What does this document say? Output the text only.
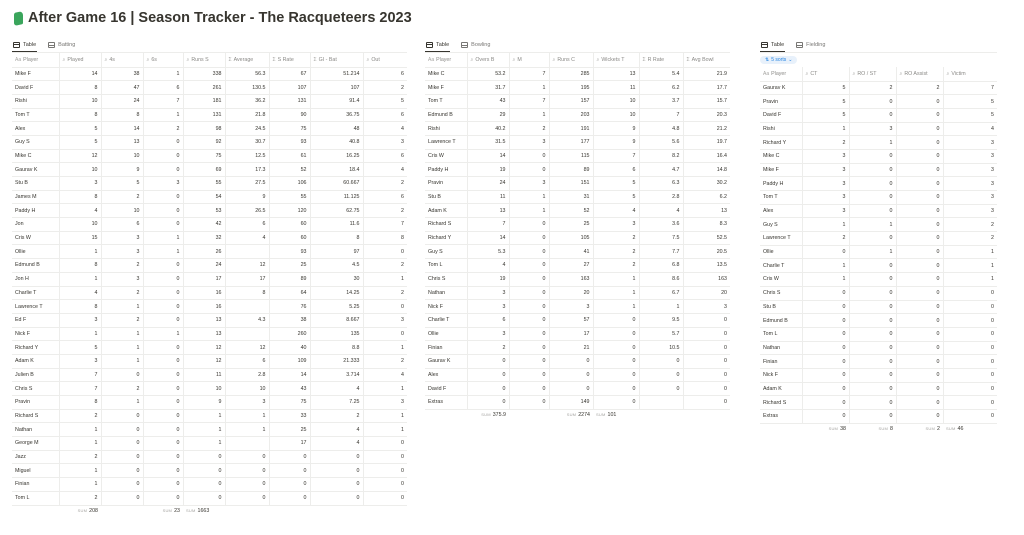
After Game 16 | Season Tracker - The Racqueteers 2023
Table	Batting
Aa Player	⌕ Played	⌕ 4s	⌕ 6s	⌕ Runs S	Σ Average	Σ S Rate	Σ GI - Bat	⌕ Out
Mike F	14	38	1	338	56.3	67	51.214	6
David F	8	47	6	261	130.5	107	107	2
Rishi	10	24	7	181	36.2	131	91.4	5
Tom T	8	8	1	131	21.8	90	36.75	6
Alex	5	14	2	98	24.5	75	48	4
Guy S	5	13	0	92	30.7	93	40.8	3
Mike C	12	10	0	75	12.5	61	16.25	6
Gaurav K	10	9	0	69	17.3	52	18.4	4
Stu B	3	5	3	55	27.5	106	60.667	2
James M	8	2	0	54	9	55	11.125	6
Paddy H	4	10	0	53	26.5	120	62.75	2
Jon	10	6	0	42	6	60	11.6	7
Cris W	15	3	1	32	4	60	8	8
Ollie	1	3	1	26		93	97	0
Edmund B	8	2	0	24	12	25	4.5	2
Jon H	1	3	0	17	17	89	30	1
Charlie T	4	2	0	16	8	64	14.25	2
Lawrence T	8	1	0	16		76	5.25	0
Ed F	3	2	0	13	4.3	38	8.667	3
Nick F	1	1	1	13		260	135	0
Richard Y	5	1	0	12	12	40	8.8	1
Adam K	3	1	0	12	6	109	21.333	2
Julien B	7	0	0	11	2.8	14	3.714	4
Chris S	7	2	0	10	10	43	4	1
Pravin	8	1	0	9	3	75	7.25	3
Richard S	2	0	0	1	1	33	2	1
Nathan	1	0	0	1	1	25	4	1
George M	1	0	0	1		17	4	0
Jazz	2	0	0	0	0	0	0	0
Miguel	1	0	0	0	0	0	0	0
Finian	1	0	0	0	0	0	0	0
Tom L	2	0	0	0	0	0	0	0
	SUM 208		SUM 23	SUM 1663				
Table	Bowling
Aa Player	⌕ Overs B	⌕ M	⌕ Runs C	⌕ Wickets T	Σ R Rate	Σ Avg Bowl
Mike C	53.2	7	285	13	5.4	21.9
Mike F	31.7	1	195	11	6.2	17.7
Tom T	43	7	157	10	3.7	15.7
Edmund B	29	1	203	10	7	20.3
Rishi	40.2	2	191	9	4.8	21.2
Lawrence T	31.5	3	177	9	5.6	19.7
Cris W	14	0	115	7	8.2	16.4
Paddy H	19	0	89	6	4.7	14.8
Pravin	24	3	151	5	6.3	30.2
Stu B	11	1	31	5	2.8	6.2
Adam K	13	1	52	4	4	13
Richard S	7	0	25	3	3.6	8.3
Richard Y	14	0	105	2	7.5	52.5
Guy S	5.3	0	41	2	7.7	20.5
Tom L	4	0	27	2	6.8	13.5
Chris S	19	0	163	1	8.6	163
Nathan	3	0	20	1	6.7	20
Nick F	3	0	3	1	1	3
Charlie T	6	0	57	0	9.5	0
Ollie	3	0	17	0	5.7	0
Finian	2	0	21	0	10.5	0
Gaurav K	0	0	0	0	0	0
Alex	0	0	0	0	0	0
David F	0	0	0	0	0	0
Extras	0	0	149	0		0
	SUM 375.9		SUM 2274	SUM 101		
Table	Fielding
⇅ 5 sorts ⌄
Aa Player	⌕ CT	⌕ RO / ST	⌕ RO Assist	⌕ Victim
Gaurav K	5	2	2	7
Pravin	5	0	0	5
David F	5	0	0	5
Rishi	1	3	0	4
Richard Y	2	1	0	3
Mike C	3	0	0	3
Mike F	3	0	0	3
Paddy H	3	0	0	3
Tom T	3	0	0	3
Alex	3	0	0	3
Guy S	1	1	0	2
Lawrence T	2	0	0	2
Ollie	0	1	0	1
Charlie T	1	0	0	1
Cris W	1	0	0	1
Chris S	0	0	0	0
Stu B	0	0	0	0
Edmund B	0	0	0	0
Tom L	0	0	0	0
Nathan	0	0	0	0
Finian	0	0	0	0
Nick F	0	0	0	0
Adam K	0	0	0	0
Richard S	0	0	0	0
Extras	0	0	0	0
	SUM 38	SUM 8	SUM 2	SUM 46
